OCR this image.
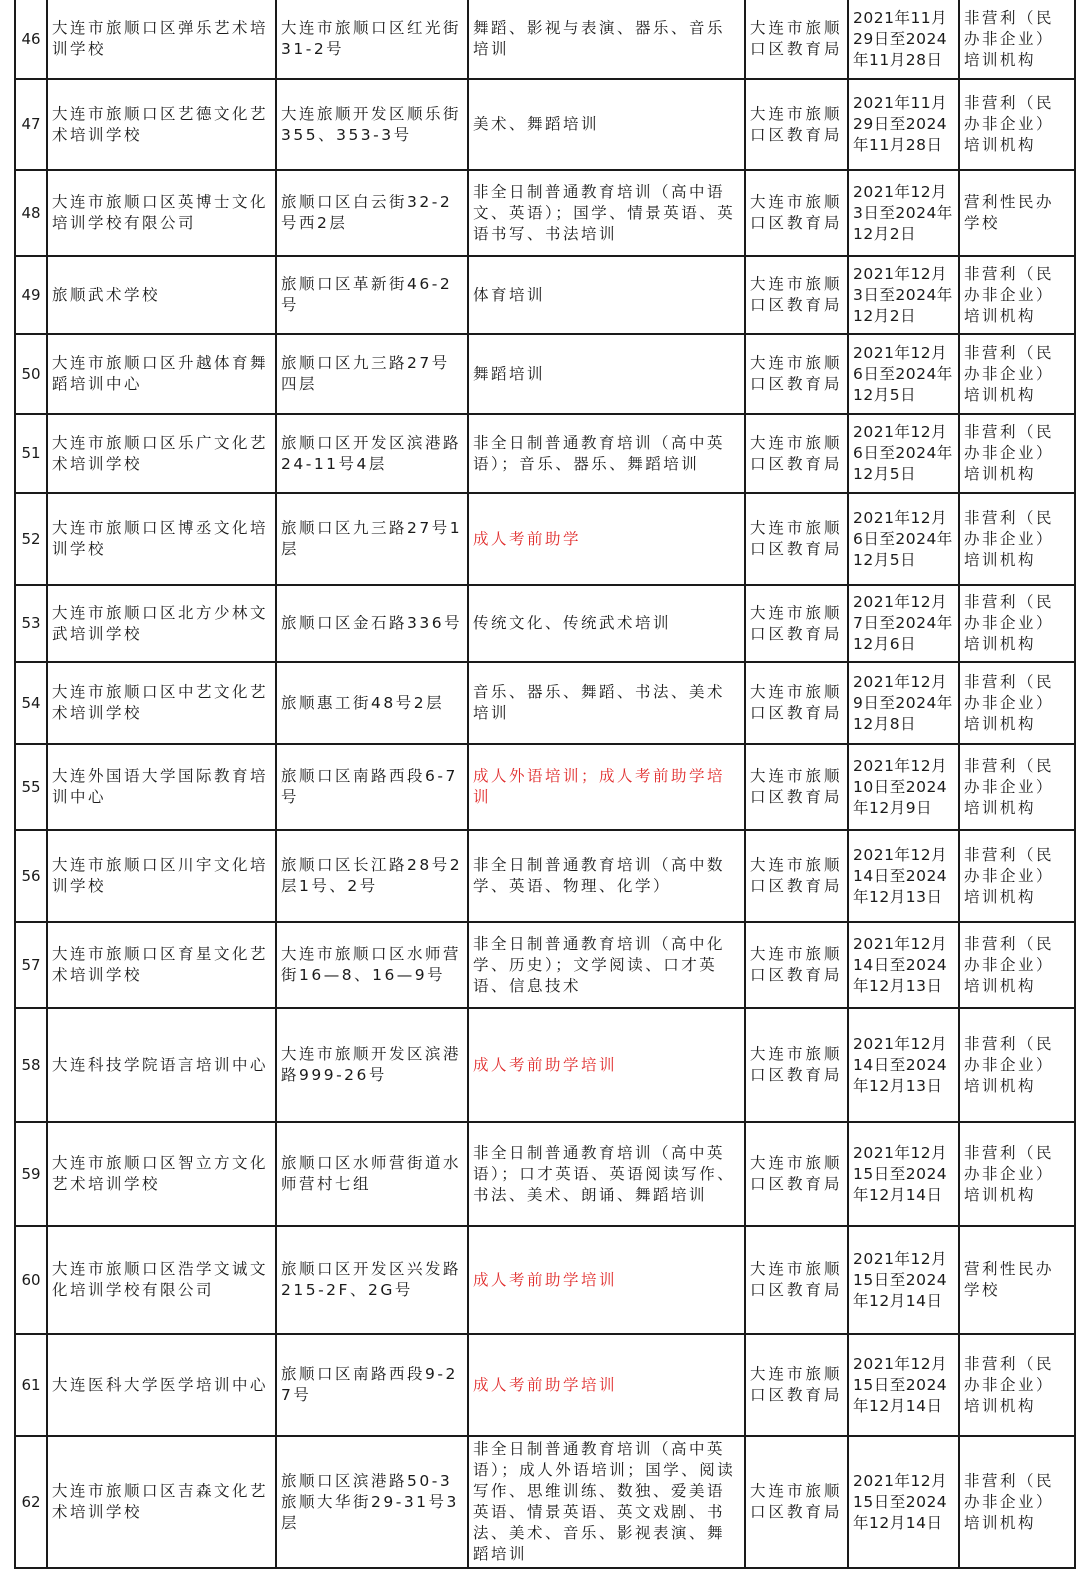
46	大连市旅顺口区弹乐艺术培训学校	大连市旅顺口区红光街31-2号	舞蹈、影视与表演、器乐、音乐培训	大连市旅顺口区教育局	2021年11月29日至2024年11月28日	非营利（民办非企业）培训机构
47	大连市旅顺口区艺德文化艺术培训学校	大连旅顺开发区顺乐街355、353-3号	美术、舞蹈培训	大连市旅顺口区教育局	2021年11月29日至2024年11月28日	非营利（民办非企业）培训机构
48	大连市旅顺口区英博士文化培训学校有限公司	旅顺口区白云街32-2号西2层	非全日制普通教育培训（高中语文、英语）；国学、情景英语、英语书写、书法培训	大连市旅顺口区教育局	2021年12月3日至2024年12月2日	营利性民办学校
49	旅顺武术学校	旅顺口区革新街46-2号	体育培训	大连市旅顺口区教育局	2021年12月3日至2024年12月2日	非营利（民办非企业）培训机构
50	大连市旅顺口区升越体育舞蹈培训中心	旅顺口区九三路27号四层	舞蹈培训	大连市旅顺口区教育局	2021年12月6日至2024年12月5日	非营利（民办非企业）培训机构
51	大连市旅顺口区乐广文化艺术培训学校	旅顺口区开发区滨港路24-11号4层	非全日制普通教育培训（高中英语）；音乐、器乐、舞蹈培训	大连市旅顺口区教育局	2021年12月6日至2024年12月5日	非营利（民办非企业）培训机构
52	大连市旅顺口区博丞文化培训学校	旅顺口区九三路27号1层	成人考前助学	大连市旅顺口区教育局	2021年12月6日至2024年12月5日	非营利（民办非企业）培训机构
53	大连市旅顺口区北方少林文武培训学校	旅顺口区金石路336号	传统文化、传统武术培训	大连市旅顺口区教育局	2021年12月7日至2024年12月6日	非营利（民办非企业）培训机构
54	大连市旅顺口区中艺文化艺术培训学校	旅顺惠工街48号2层	音乐、器乐、舞蹈、书法、美术培训	大连市旅顺口区教育局	2021年12月9日至2024年12月8日	非营利（民办非企业）培训机构
55	大连外国语大学国际教育培训中心	旅顺口区南路西段6-7号	成人外语培训；成人考前助学培训	大连市旅顺口区教育局	2021年12月10日至2024年12月9日	非营利（民办非企业）培训机构
56	大连市旅顺口区川宇文化培训学校	旅顺口区长江路28号2层1号、2号	非全日制普通教育培训（高中数学、英语、物理、化学）	大连市旅顺口区教育局	2021年12月14日至2024年12月13日	非营利（民办非企业）培训机构
57	大连市旅顺口区育星文化艺术培训学校	大连市旅顺口区水师营街16—8、16—9号	非全日制普通教育培训（高中化学、历史）；文学阅读、口才英语、信息技术	大连市旅顺口区教育局	2021年12月14日至2024年12月13日	非营利（民办非企业）培训机构
58	大连科技学院语言培训中心	大连市旅顺开发区滨港路999-26号	成人考前助学培训	大连市旅顺口区教育局	2021年12月14日至2024年12月13日	非营利（民办非企业）培训机构
59	大连市旅顺口区智立方文化艺术培训学校	旅顺口区水师营街道水师营村七组	非全日制普通教育培训（高中英语）；口才英语、英语阅读写作、书法、美术、朗诵、舞蹈培训	大连市旅顺口区教育局	2021年12月15日至2024年12月14日	非营利（民办非企业）培训机构
60	大连市旅顺口区浩学文诚文化培训学校有限公司	旅顺口区开发区兴发路215-2F、2G号	成人考前助学培训	大连市旅顺口区教育局	2021年12月15日至2024年12月14日	营利性民办学校
61	大连医科大学医学培训中心	旅顺口区南路西段9-27号	成人考前助学培训	大连市旅顺口区教育局	2021年12月15日至2024年12月14日	非营利（民办非企业）培训机构
62	大连市旅顺口区吉森文化艺术培训学校	旅顺口区滨港路50-3旅顺大华街29-31号3层	非全日制普通教育培训（高中英语）；成人外语培训；国学、阅读写作、思维训练、数独、爱美语英语、情景英语、英文戏剧、书法、美术、音乐、影视表演、舞蹈培训	大连市旅顺口区教育局	2021年12月15日至2024年12月14日	非营利（民办非企业）培训机构
